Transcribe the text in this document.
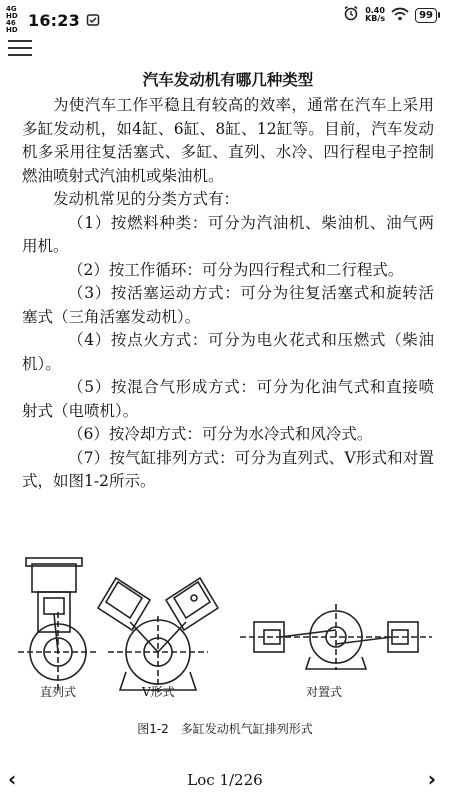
4G HD
46 HD
16:23	0.40
KB/s	99
汽车发动机有哪几种类型

为使汽车工作平稳且有较高的效率，通常在汽车上采用多缸发动机，如4缸、6缸、8缸、12缸等。目前，汽车发动机多采用往复活塞式、多缸、直列、水冷、四行程电子控制燃油喷射式汽油机或柴油机。

发动机常见的分类方式有：

（1）按燃料种类：可分为汽油机、柴油机、油气两用机。

（2）按工作循环：可分为四行程式和二行程式。

（3）按活塞运动方式：可分为往复活塞式和旋转活塞式（三角活塞发动机）。

（4）按点火方式：可分为电火花式和压燃式（柴油机）。

（5）按混合气形成方式：可分为化油气式和直接喷射式（电喷机）。

（6）按冷却方式：可分为水冷式和风冷式。

（7）按气缸排列方式：可分为直列式、V形式和对置式，如图1-2所示。

直列式	V形式	对置式
图1-2　多缸发动机气缸排列形式
‹	Loc 1/226	›
